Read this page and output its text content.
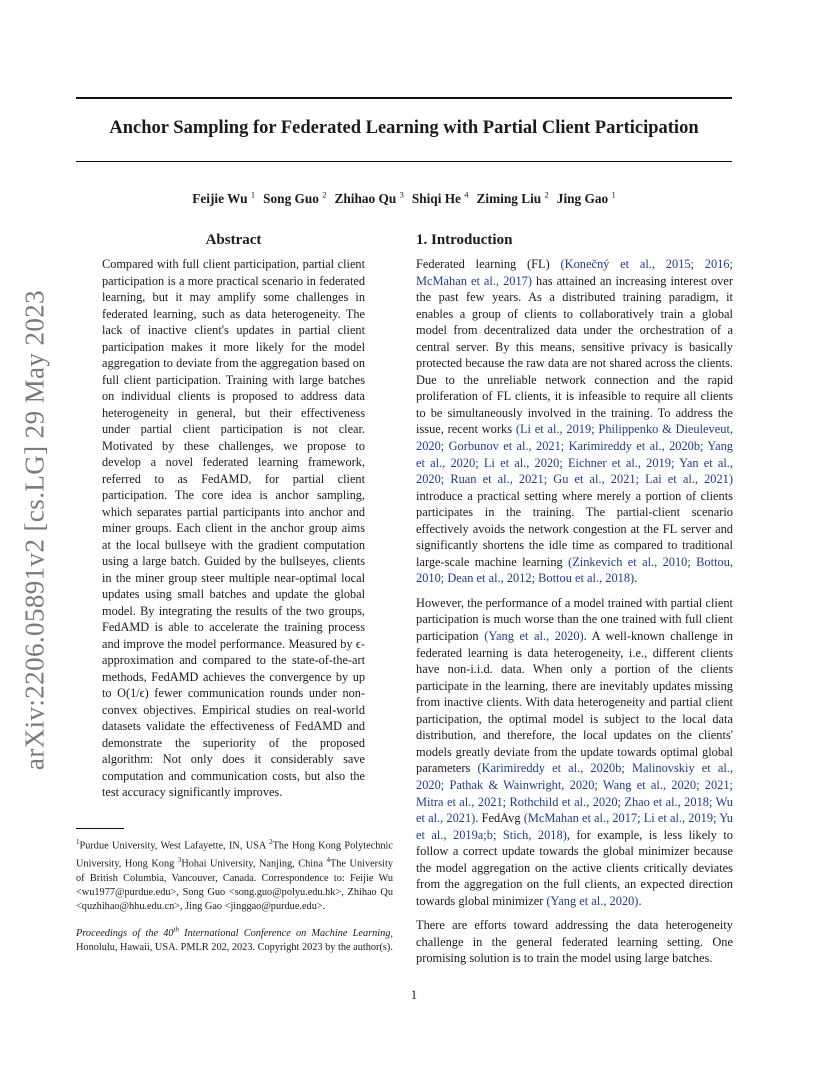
Anchor Sampling for Federated Learning with Partial Client Participation
Feijie Wu $^1$ Song Guo $^2$ Zhihao Qu $^3$ Shiqi He $^4$ Ziming Liu $^2$ Jing Gao $^1$
arXiv:2206.05891v2 [cs.LG] 29 May 2023
Abstract

Compared with full client participation, partial client participation is a more practical scenario in federated learning, but it may amplify some challenges in federated learning, such as data heterogeneity. The lack of inactive client's updates in partial client participation makes it more likely for the model aggregation to deviate from the aggregation based on full client participation. Training with large batches on individual clients is proposed to address data heterogeneity in general, but their effectiveness under partial client participation is not clear. Motivated by these challenges, we propose to develop a novel federated learning framework, referred to as FedAMD, for partial client participation. The core idea is anchor sampling, which separates partial participants into anchor and miner groups. Each client in the anchor group aims at the local bullseye with the gradient computation using a large batch. Guided by the bullseyes, clients in the miner group steer multiple near-optimal local updates using small batches and update the global model. By integrating the results of the two groups, FedAMD is able to accelerate the training process and improve the model performance. Measured by ϵ-approximation and compared to the state-of-the-art methods, FedAMD achieves the convergence by up to O(1/ϵ) fewer communication rounds under non-convex objectives. Empirical studies on real-world datasets validate the effectiveness of FedAMD and demonstrate the superiority of the proposed algorithm: Not only does it considerably save computation and communication costs, but also the test accuracy significantly improves.

$^1$Purdue University, West Lafayette, IN, USA $^2$The Hong Kong Polytechnic University, Hong Kong $^3$Hohai University, Nanjing, China $^4$The University of British Columbia, Vancouver, Canada. Correspondence to: Feijie Wu <wu1977@purdue.edu>, Song Guo <song.guo@polyu.edu.hk>, Zhihao Qu <quzhihao@hhu.edu.cn>, Jing Gao <jinggao@purdue.edu>.

Proceedings of the 40th International Conference on Machine Learning, Honolulu, Hawaii, USA. PMLR 202, 2023. Copyright 2023 by the author(s).

1. Introduction

Federated learning (FL) (Konečný et al., 2015; 2016; McMahan et al., 2017) has attained an increasing interest over the past few years. As a distributed training paradigm, it enables a group of clients to collaboratively train a global model from decentralized data under the orchestration of a central server. By this means, sensitive privacy is basically protected because the raw data are not shared across the clients. Due to the unreliable network connection and the rapid proliferation of FL clients, it is infeasible to require all clients to be simultaneously involved in the training. To address the issue, recent works (Li et al., 2019; Philippenko & Dieuleveut, 2020; Gorbunov et al., 2021; Karimireddy et al., 2020b; Yang et al., 2020; Li et al., 2020; Eichner et al., 2019; Yan et al., 2020; Ruan et al., 2021; Gu et al., 2021; Lai et al., 2021) introduce a practical setting where merely a portion of clients participates in the training. The partial-client scenario effectively avoids the network congestion at the FL server and significantly shortens the idle time as compared to traditional large-scale machine learning (Zinkevich et al., 2010; Bottou, 2010; Dean et al., 2012; Bottou et al., 2018).

However, the performance of a model trained with partial client participation is much worse than the one trained with full client participation (Yang et al., 2020). A well-known challenge in federated learning is data heterogeneity, i.e., different clients have non-i.i.d. data. When only a portion of the clients participate in the learning, there are inevitably updates missing from inactive clients. With data heterogeneity and partial client participation, the optimal model is subject to the local data distribution, and therefore, the local updates on the clients' models greatly deviate from the update towards optimal global parameters (Karimireddy et al., 2020b; Malinovskiy et al., 2020; Pathak & Wainwright, 2020; Wang et al., 2020; 2021; Mitra et al., 2021; Rothchild et al., 2020; Zhao et al., 2018; Wu et al., 2021). FedAvg (McMahan et al., 2017; Li et al., 2019; Yu et al., 2019a;b; Stich, 2018), for example, is less likely to follow a correct update towards the global minimizer because the model aggregation on the active clients critically deviates from the aggregation on the full clients, an expected direction towards global minimizer (Yang et al., 2020).

There are efforts toward addressing the data heterogeneity challenge in the general federated learning setting. One promising solution is to train the model using large batches.

1
